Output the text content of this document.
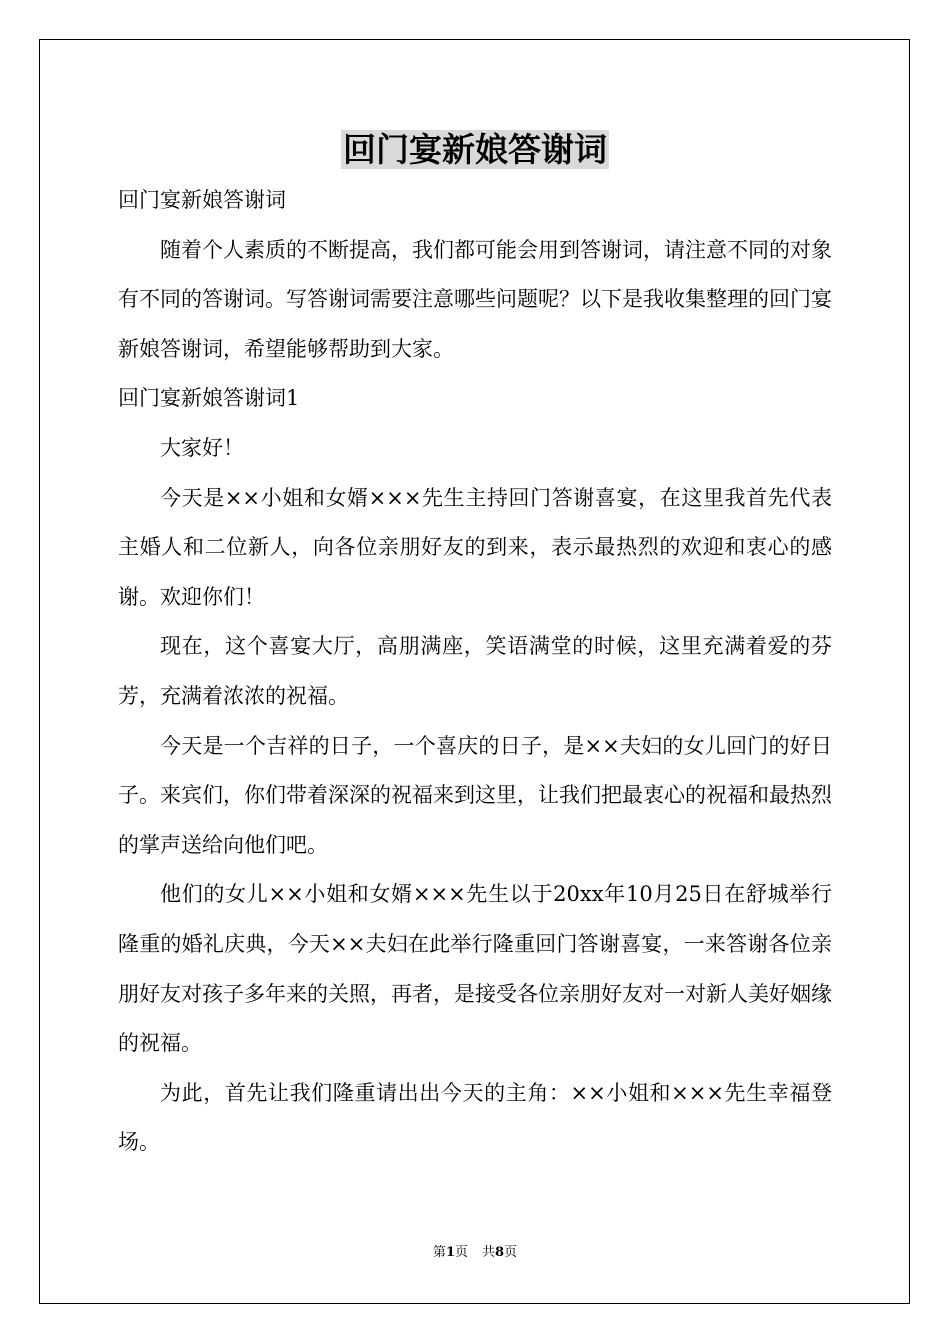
回门宴新娘答谢词

回门宴新娘答谢词

随着个人素质的不断提高，我们都可能会用到答谢词，请注意不同的对象有不同的答谢词。写答谢词需要注意哪些问题呢？以下是我收集整理的回门宴新娘答谢词，希望能够帮助到大家。

回门宴新娘答谢词1

大家好！

今天是××小姐和女婿×××先生主持回门答谢喜宴，在这里我首先代表主婚人和二位新人，向各位亲朋好友的到来，表示最热烈的欢迎和衷心的感谢。欢迎你们！

现在，这个喜宴大厅，高朋满座，笑语满堂的时候，这里充满着爱的芬芳，充满着浓浓的祝福。

今天是一个吉祥的日子，一个喜庆的日子，是××夫妇的女儿回门的好日子。来宾们，你们带着深深的祝福来到这里，让我们把最衷心的祝福和最热烈的掌声送给向他们吧。

他们的女儿××小姐和女婿×××先生以于20xx年10月25日在舒城举行隆重的婚礼庆典，今天××夫妇在此举行隆重回门答谢喜宴，一来答谢各位亲朋好友对孩子多年来的关照，再者，是接受各位亲朋好友对一对新人美好姻缘的祝福。

为此，首先让我们隆重请出出今天的主角：××小姐和×××先生幸福登场。

第1页 共8页
